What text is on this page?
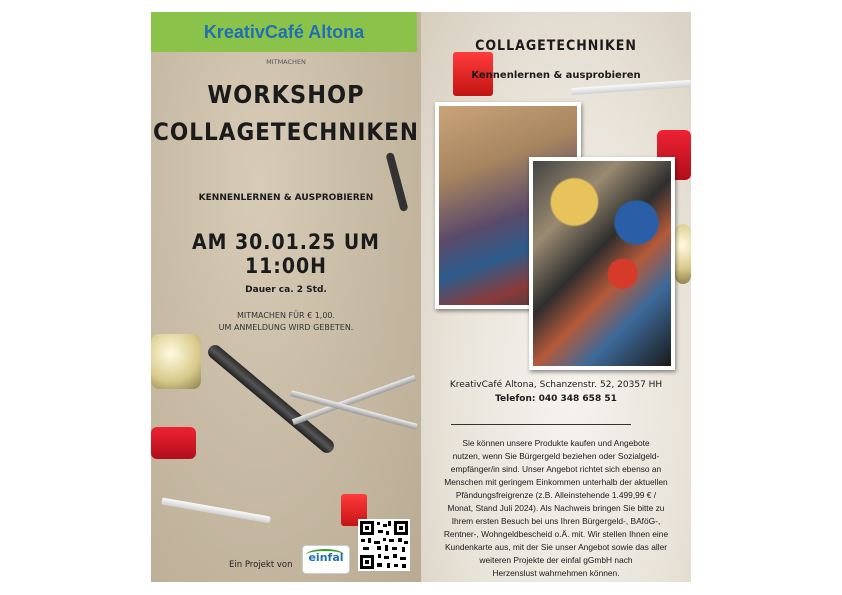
KreativCafé Altona
MITMACHEN
WORKSHOP
COLLAGETECHNIKEN
KENNENLERNEN & AUSPROBIEREN
AM 30.01.25 UM 11:00H
Dauer ca. 2 Std.
MITMACHEN FÜR € 1,00.
UM ANMELDUNG WIRD GEBETEN.
Ein Projekt von
einfal
COLLAGETECHNIKEN
Kennenlernen & ausprobieren
KreativCafé Altona, Schanzenstr. 52, 20357 HH
Telefon: 040 348 658 51
Sie können unsere Produkte kaufen und Angebote
nutzen, wenn Sie Bürgergeld beziehen oder Sozialgeld-
empfänger/in sind. Unser Angebot richtet sich ebenso an
Menschen mit geringem Einkommen unterhalb der aktuellen
Pfändungsfreigrenze (z.B. Alleinstehende 1.499,99 € /
Monat, Stand Juli 2024). Als Nachweis bringen Sie bitte zu
Ihrem ersten Besuch bei uns Ihren Bürgergeld-, BAföG-,
Rentner-, Wohngeldbescheid o.Ä. mit. Wir stellen Ihnen eine
Kundenkarte aus, mit der Sie unser Angebot sowie das aller
weiteren Projekte der einfal gGmbH nach
Herzenslust wahrnehmen können.
